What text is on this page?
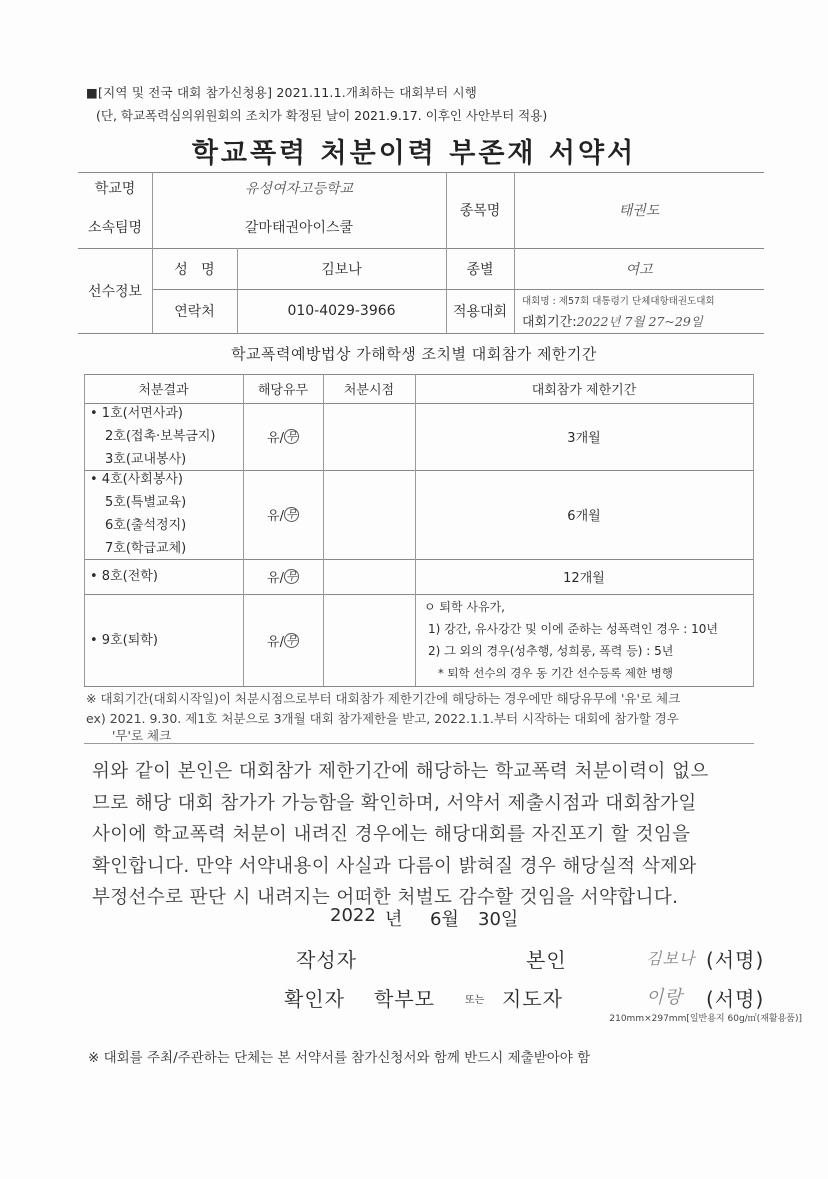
■[지역 및 전국 대회 참가신청용] 2021.11.1.개최하는 대회부터 시행
(단, 학교폭력심의위원회의 조치가 확정된 날이 2021.9.17. 이후인 사안부터 적용)
학교폭력 처분이력 부존재 서약서
학교명	유성여자고등학교
소속팀명	갈마태권아이스쿨
종목명	태권도
선수정보
성   명	김보나	종별	여고
연락처	010-4029-3966	적용대회
대회명 : 제57회 대통령기 단체대항태권도대회
대회기간:2022년 7월 27~29일
학교폭력예방법상 가해학생 조치별 대회참가 제한기간
처분결과	해당유무	처분시점	대회참가 제한기간
• 1호(서면사과)
2호(접촉·보복금지)
3호(교내봉사)
유/ 무	3개월
• 4호(사회봉사)
5호(특별교육)
6호(출석정지)
7호(학급교체)
유/ 무	6개월
• 8호(전학)	유/ 무	12개월
• 9호(퇴학)	유/ 무
ㅇ 퇴학 사유가,
1) 강간, 유사강간 및 이에 준하는 성폭력인 경우 : 10년
2) 그 외의 경우(성추행, 성희롱, 폭력 등) : 5년
* 퇴학 선수의 경우 동 기간 선수등록 제한 병행
※ 대회기간(대회시작일)이 처분시점으로부터 대회참가 제한기간에 해당하는 경우에만 해당유무에 '유'로 체크
ex) 2021. 9.30. 제1호 처분으로 3개월 대회 참가제한을 받고, 2022.1.1.부터 시작하는 대회에 참가할 경우
'무'로 체크
위와 같이 본인은 대회참가 제한기간에 해당하는 학교폭력 처분이력이 없으
므로 해당 대회 참가가 가능함을 확인하며, 서약서 제출시점과 대회참가일
사이에 학교폭력 처분이 내려진 경우에는 해당대회를 자진포기 할 것임을
확인합니다. 만약 서약내용이 사실과 다름이 밝혀질 경우 해당실적 삭제와
부정선수로 판단 시 내려지는 어떠한 처벌도 감수할 것임을 서약합니다.
2022 년 6월 30일
작성자	본인	김보나 (서명)
확인자 학부모	또는 지도자	이랑 (서명)
210mm×297mm[일반용지 60g/㎡(재활용품)]
※ 대회를 주최/주관하는 단체는 본 서약서를 참가신청서와 함께 반드시 제출받아야 함
